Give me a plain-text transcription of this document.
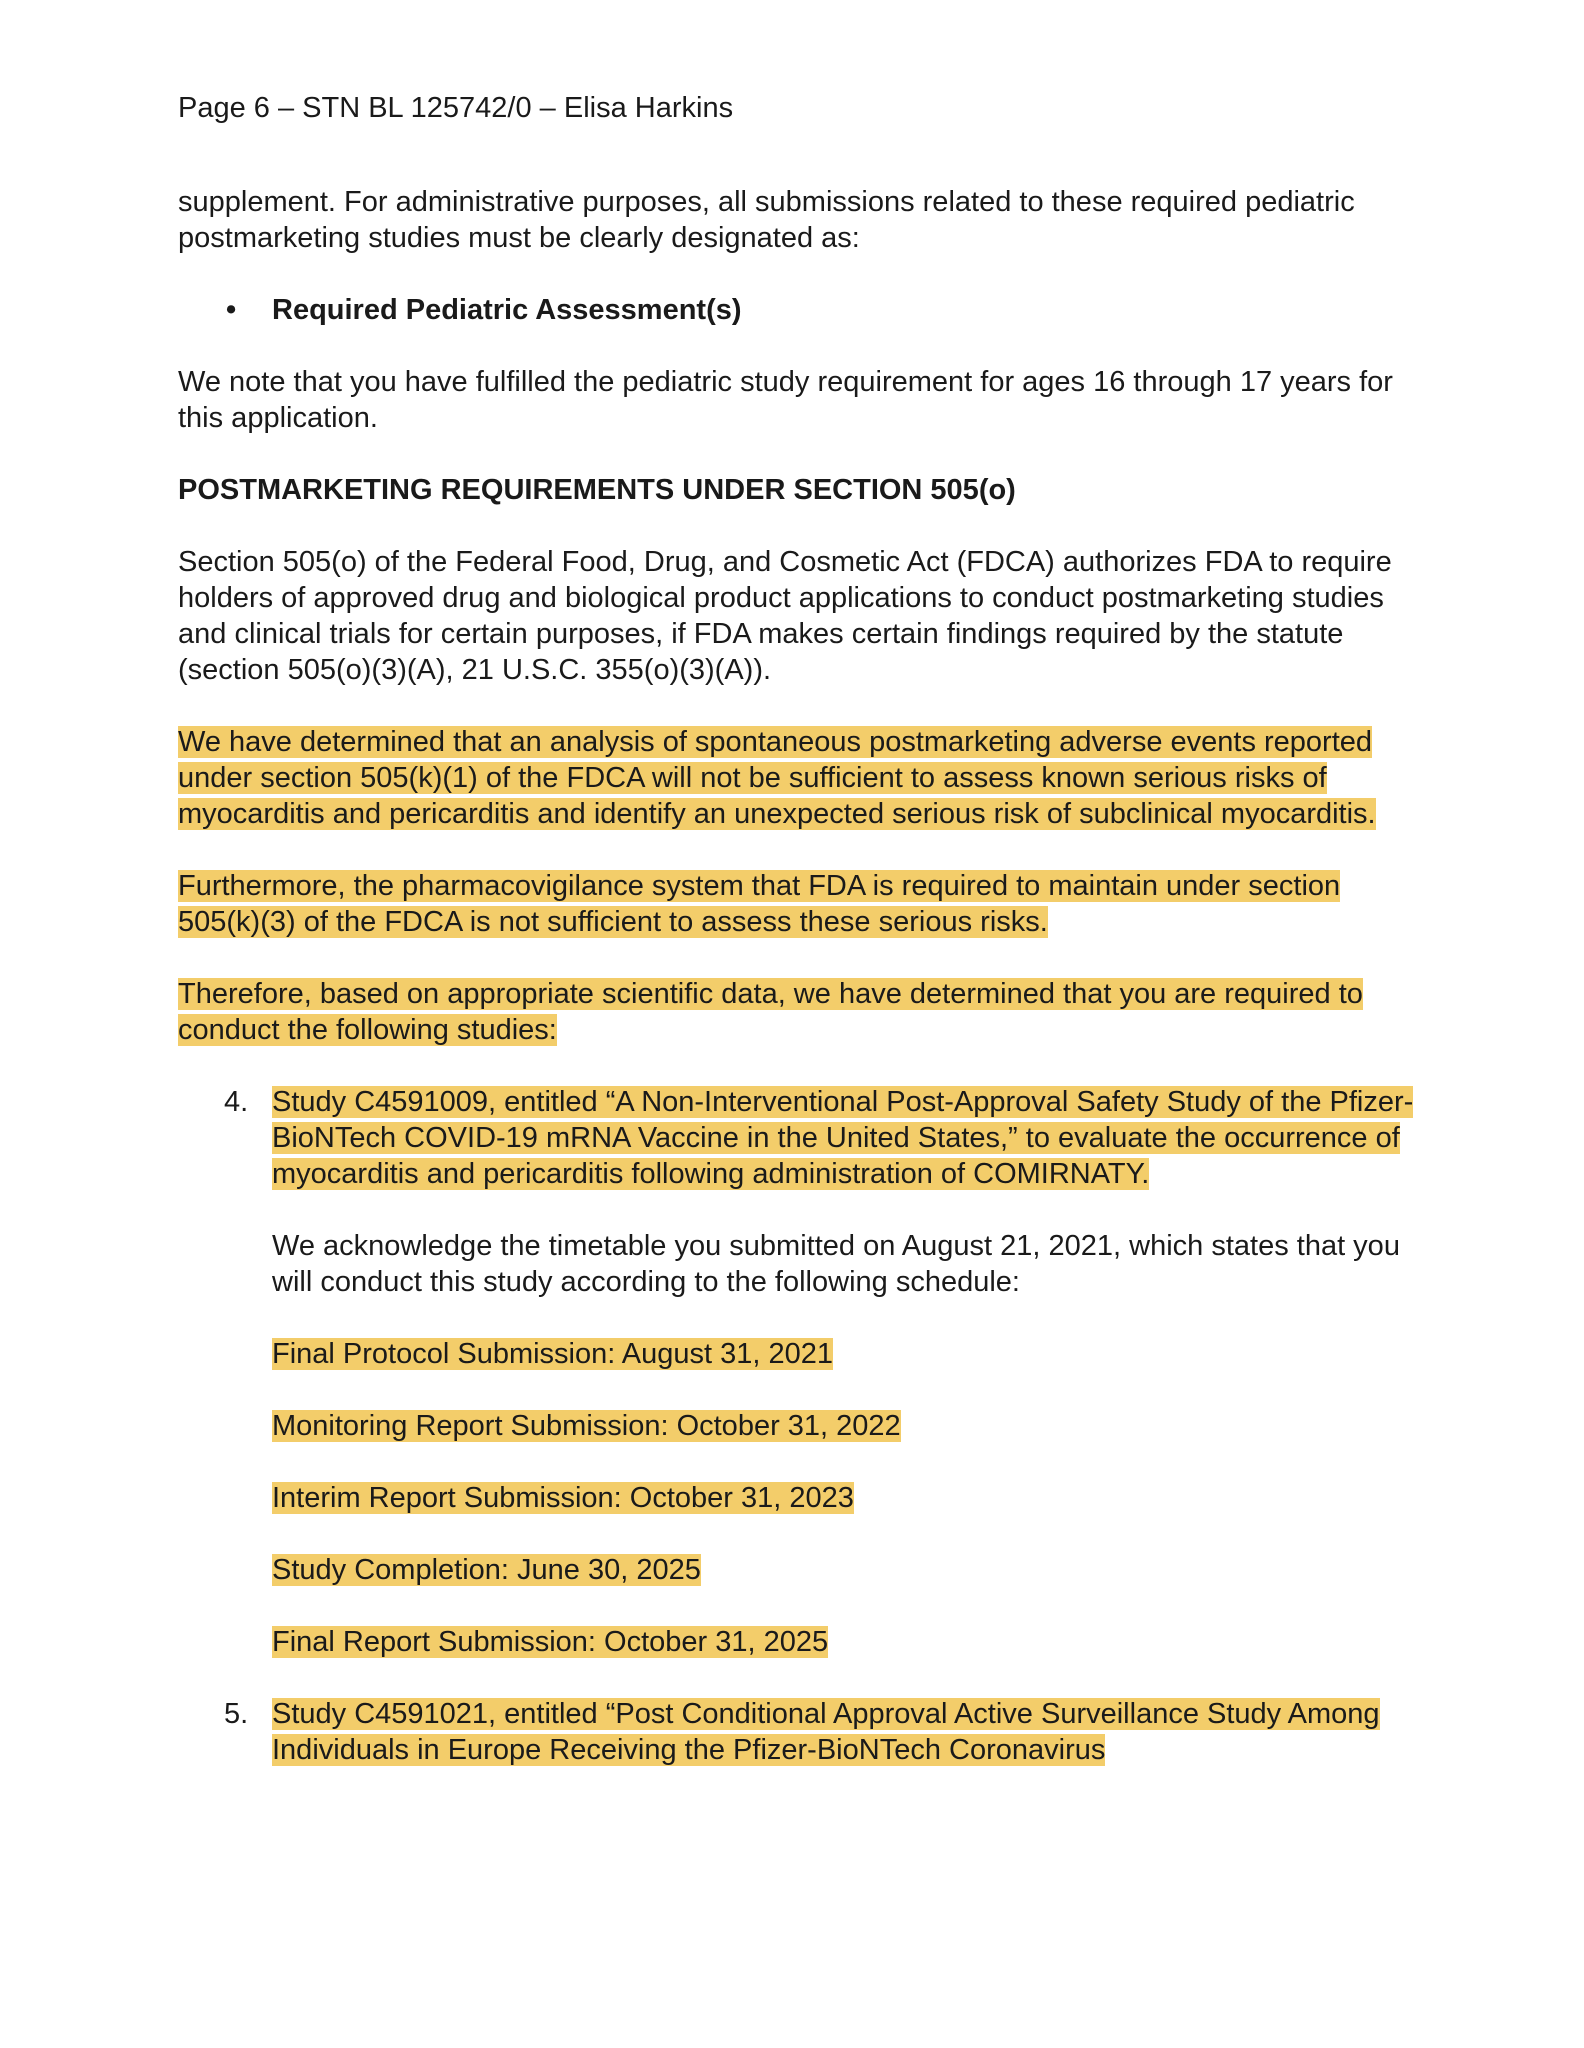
Page 6 – STN BL 125742/0 – Elisa Harkins

supplement. For administrative purposes, all submissions related to these required pediatric postmarketing studies must be clearly designated as:

• Required Pediatric Assessment(s)

We note that you have fulfilled the pediatric study requirement for ages 16 through 17 years for this application.

POSTMARKETING REQUIREMENTS UNDER SECTION 505(o)

Section 505(o) of the Federal Food, Drug, and Cosmetic Act (FDCA) authorizes FDA to require holders of approved drug and biological product applications to conduct postmarketing studies and clinical trials for certain purposes, if FDA makes certain findings required by the statute (section 505(o)(3)(A), 21 U.S.C. 355(o)(3)(A)).

We have determined that an analysis of spontaneous postmarketing adverse events reported under section 505(k)(1) of the FDCA will not be sufficient to assess known serious risks of myocarditis and pericarditis and identify an unexpected serious risk of subclinical myocarditis.

Furthermore, the pharmacovigilance system that FDA is required to maintain under section 505(k)(3) of the FDCA is not sufficient to assess these serious risks.

Therefore, based on appropriate scientific data, we have determined that you are required to conduct the following studies:

4. Study C4591009, entitled “A Non-Interventional Post-Approval Safety Study of the Pfizer-BioNTech COVID-19 mRNA Vaccine in the United States,” to evaluate the occurrence of myocarditis and pericarditis following administration of COMIRNATY.

We acknowledge the timetable you submitted on August 21, 2021, which states that you will conduct this study according to the following schedule:

Final Protocol Submission: August 31, 2021

Monitoring Report Submission: October 31, 2022

Interim Report Submission: October 31, 2023

Study Completion: June 30, 2025

Final Report Submission: October 31, 2025

5. Study C4591021, entitled “Post Conditional Approval Active Surveillance Study Among Individuals in Europe Receiving the Pfizer-BioNTech Coronavirus
